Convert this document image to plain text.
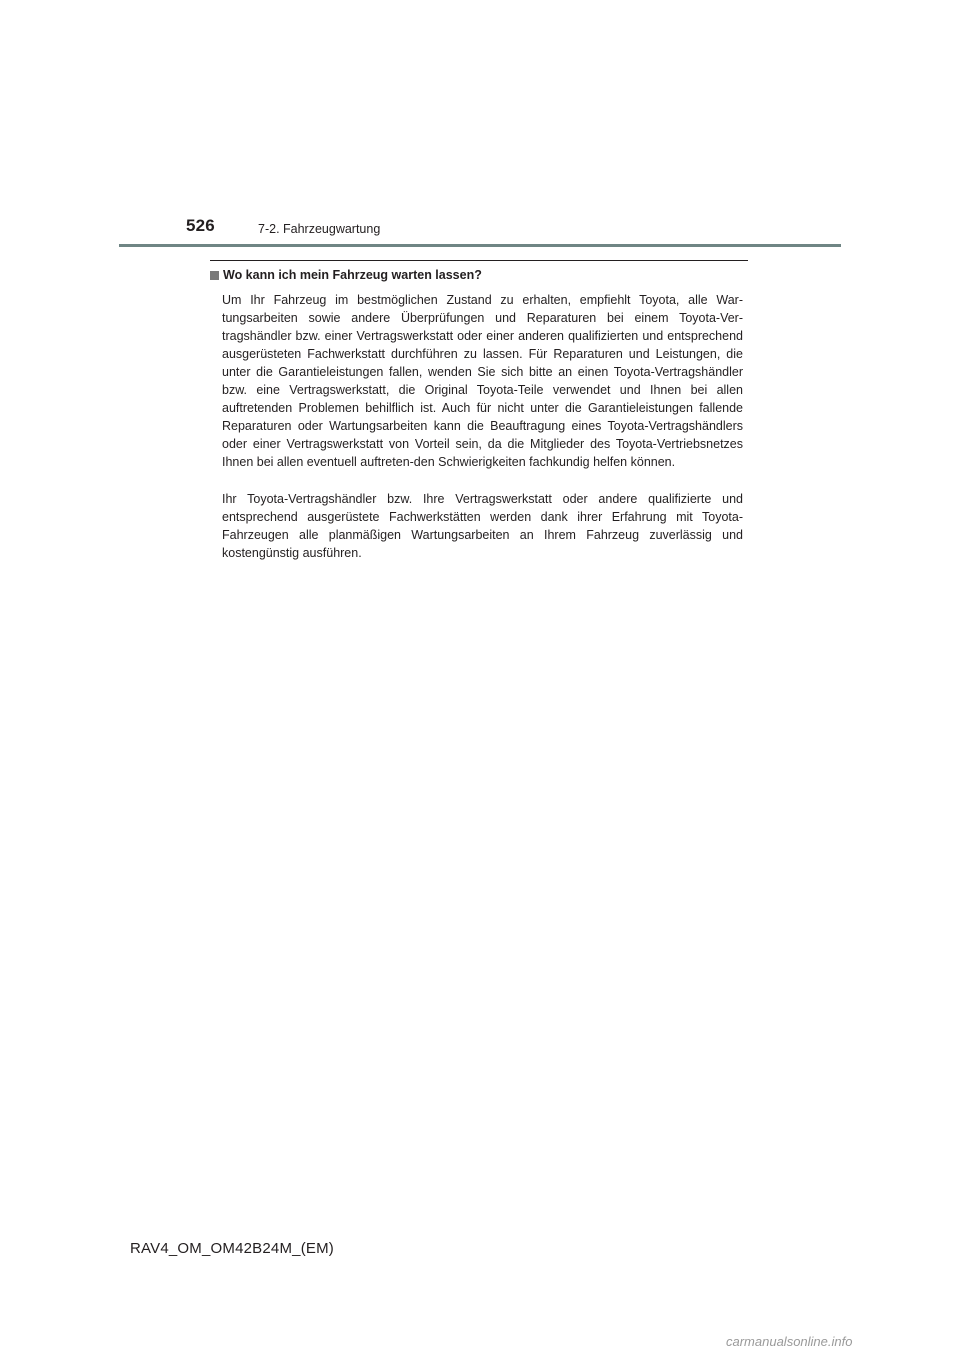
526	7-2. Fahrzeugwartung
Wo kann ich mein Fahrzeug warten lassen?

Um Ihr Fahrzeug im bestmöglichen Zustand zu erhalten, empfiehlt Toyota, alle War-tungsarbeiten sowie andere Überprüfungen und Reparaturen bei einem Toyota-Ver-tragshändler bzw. einer Vertragswerkstatt oder einer anderen qualifizierten und entsprechend ausgerüsteten Fachwerkstatt durchführen zu lassen. Für Reparaturen und Leistungen, die unter die Garantieleistungen fallen, wenden Sie sich bitte an einen Toyota-Vertragshändler bzw. eine Vertragswerkstatt, die Original Toyota-Teile verwendet und Ihnen bei allen auftretenden Problemen behilflich ist. Auch für nicht unter die Garantieleistungen fallende Reparaturen oder Wartungsarbeiten kann die Beauftragung eines Toyota-Vertragshändlers oder einer Vertragswerkstatt von Vorteil sein, da die Mitglieder des Toyota-Vertriebsnetzes Ihnen bei allen eventuell auftreten-den Schwierigkeiten fachkundig helfen können.

Ihr Toyota-Vertragshändler bzw. Ihre Vertragswerkstatt oder andere qualifizierte und entsprechend ausgerüstete Fachwerkstätten werden dank ihrer Erfahrung mit Toyota-Fahrzeugen alle planmäßigen Wartungsarbeiten an Ihrem Fahrzeug zuverlässig und kostengünstig ausführen.

RAV4_OM_OM42B24M_(EM)
carmanualsonline.info
